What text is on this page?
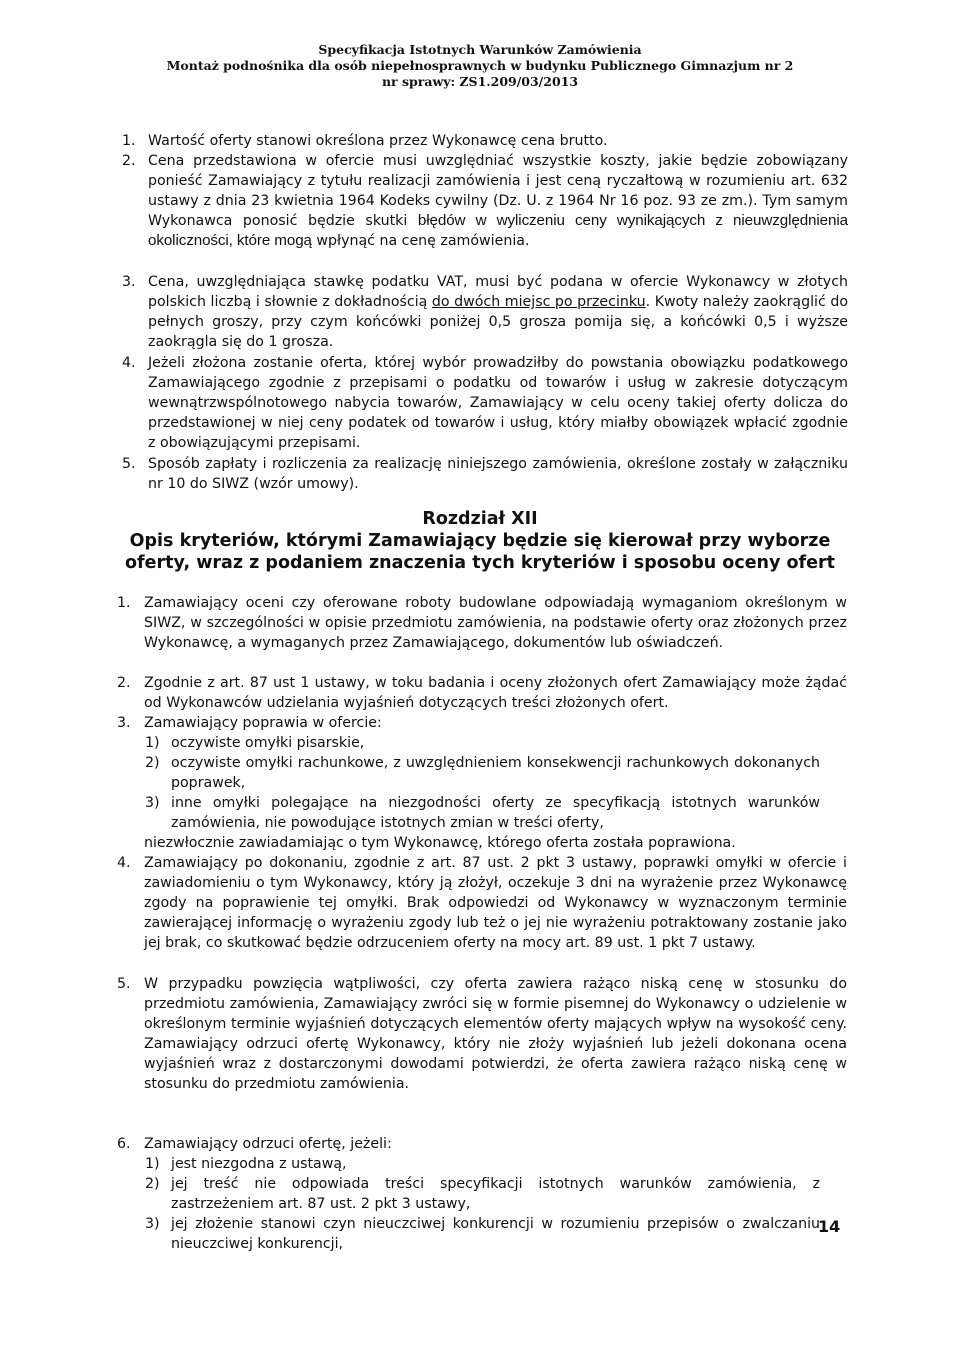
Specyfikacja Istotnych Warunków Zamówienia
Montaż podnośnika dla osób niepełnosprawnych w budynku Publicznego Gimnazjum nr 2
nr sprawy: ZS1.209/03/2013
1. Wartość oferty stanowi określona przez Wykonawcę cena brutto.
2. Cena przedstawiona w ofercie musi uwzględniać wszystkie koszty, jakie będzie zobowiązany ponieść Zamawiający z tytułu realizacji zamówienia i jest ceną ryczałtową w rozumieniu art. 632 ustawy z dnia 23 kwietnia 1964 Kodeks cywilny (Dz. U. z 1964 Nr 16 poz. 93 ze zm.). Tym samym Wykonawca ponosić będzie skutki błędów w wyliczeniu ceny wynikających z nieuwzględnienia okoliczności, które mogą wpłynąć na cenę zamówienia.
3. Cena, uwzględniająca stawkę podatku VAT, musi być podana w ofercie Wykonawcy w złotych polskich liczbą i słownie z dokładnością do dwóch miejsc po przecinku. Kwoty należy zaokrąglić do pełnych groszy, przy czym końcówki poniżej 0,5 grosza pomija się, a końcówki 0,5 i wyższe zaokrągla się do 1 grosza.
4. Jeżeli złożona zostanie oferta, której wybór prowadziłby do powstania obowiązku podatkowego Zamawiającego zgodnie z przepisami o podatku od towarów i usług w zakresie dotyczącym wewnątrzwspólnotowego nabycia towarów, Zamawiający w celu oceny takiej oferty dolicza do przedstawionej w niej ceny podatek od towarów i usług, który miałby obowiązek wpłacić zgodnie z obowiązującymi przepisami.
5. Sposób zapłaty i rozliczenia za realizację niniejszego zamówienia, określone zostały w załączniku nr 10 do SIWZ (wzór umowy).
Rozdział XII
Opis kryteriów, którymi Zamawiający będzie się kierował przy wyborze
oferty, wraz z podaniem znaczenia tych kryteriów i sposobu oceny ofert
1. Zamawiający oceni czy oferowane roboty budowlane odpowiadają wymaganiom określonym w SIWZ, w szczególności w opisie przedmiotu zamówienia, na podstawie oferty oraz złożonych przez Wykonawcę, a wymaganych przez Zamawiającego, dokumentów lub oświadczeń.
2. Zgodnie z art. 87 ust 1 ustawy, w toku badania i oceny złożonych ofert Zamawiający może żądać od Wykonawców udzielania wyjaśnień dotyczących treści złożonych ofert.
3. Zamawiający poprawia w ofercie:
1) oczywiste omyłki pisarskie,
2) oczywiste omyłki rachunkowe, z uwzględnieniem konsekwencji rachunkowych dokonanych poprawek,
3) inne omyłki polegające na niezgodności oferty ze specyfikacją istotnych warunków zamówienia, nie powodujące istotnych zmian w treści oferty,
niezwłocznie zawiadamiając o tym Wykonawcę, którego oferta została poprawiona.
4. Zamawiający po dokonaniu, zgodnie z art. 87 ust. 2 pkt 3 ustawy, poprawki omyłki w ofercie i zawiadomieniu o tym Wykonawcy, który ją złożył, oczekuje 3 dni na wyrażenie przez Wykonawcę zgody na poprawienie tej omyłki. Brak odpowiedzi od Wykonawcy w wyznaczonym terminie zawierającej informację o wyrażeniu zgody lub też o jej nie wyrażeniu potraktowany zostanie jako jej brak, co skutkować będzie odrzuceniem oferty na mocy art. 89 ust. 1 pkt 7 ustawy.
5. W przypadku powzięcia wątpliwości, czy oferta zawiera rażąco niską cenę w stosunku do przedmiotu zamówienia, Zamawiający zwróci się w formie pisemnej do Wykonawcy o udzielenie w określonym terminie wyjaśnień dotyczących elementów oferty mających wpływ na wysokość ceny. Zamawiający odrzuci ofertę Wykonawcy, który nie złoży wyjaśnień lub jeżeli dokonana ocena wyjaśnień wraz z dostarczonymi dowodami potwierdzi, że oferta zawiera rażąco niską cenę w stosunku do przedmiotu zamówienia.
6. Zamawiający odrzuci ofertę, jeżeli:
1) jest niezgodna z ustawą,
2) jej treść nie odpowiada treści specyfikacji istotnych warunków zamówienia, z zastrzeżeniem art. 87 ust. 2 pkt 3 ustawy,
3) jej złożenie stanowi czyn nieuczciwej konkurencji w rozumieniu przepisów o zwalczaniu nieuczciwej konkurencji,
14
